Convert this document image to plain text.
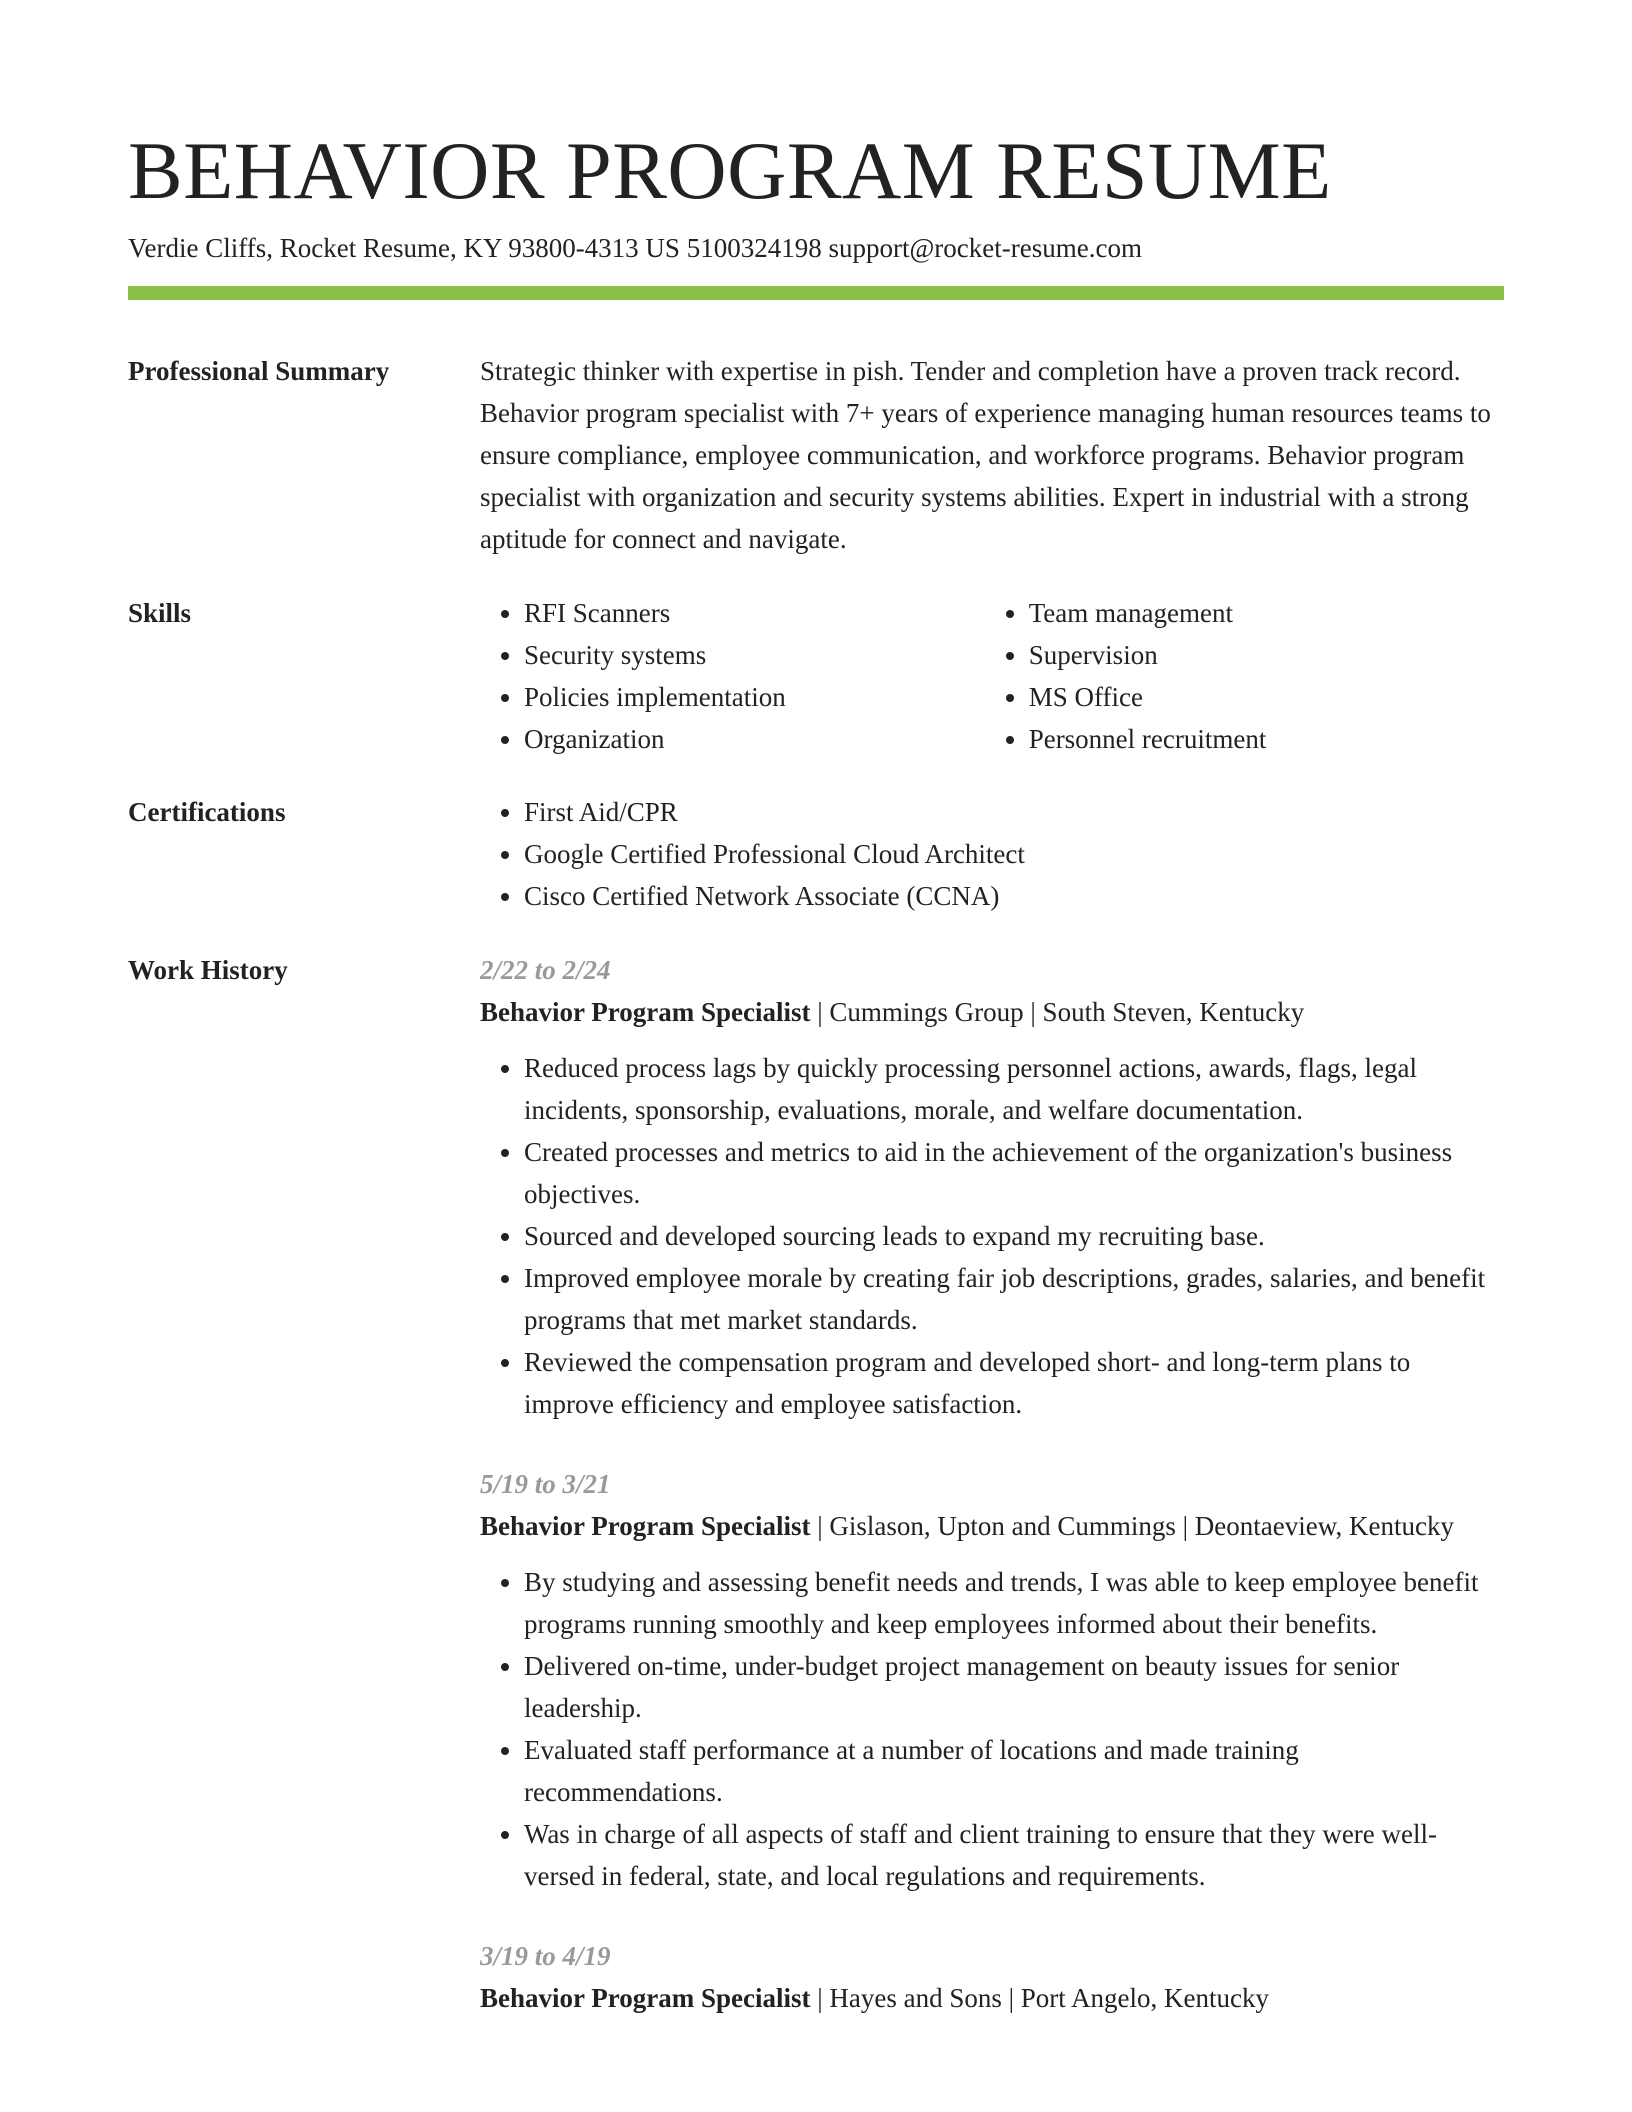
BEHAVIOR PROGRAM RESUME
Verdie Cliffs, Rocket Resume, KY 93800-4313 US 5100324198 support@rocket-resume.com
Professional Summary	Strategic thinker with expertise in pish. Tender and completion have a proven track record. Behavior program specialist with 7+ years of experience managing human resources teams to ensure compliance, employee communication, and workforce programs. Behavior program specialist with organization and security systems abilities. Expert in industrial with a strong aptitude for connect and navigate.

Skills	• RFI Scanners
• Security systems
• Policies implementation
• Organization
• Team management
• Supervision
• MS Office
• Personnel recruitment
Certifications	• First Aid/CPR
• Google Certified Professional Cloud Architect
• Cisco Certified Network Associate (CCNA)
Work History	2/22 to 2/24
Behavior Program Specialist | Cummings Group | South Steven, Kentucky
• Reduced process lags by quickly processing personnel actions, awards, flags, legal incidents, sponsorship, evaluations, morale, and welfare documentation.
• Created processes and metrics to aid in the achievement of the organization's business objectives.
• Sourced and developed sourcing leads to expand my recruiting base.
• Improved employee morale by creating fair job descriptions, grades, salaries, and benefit programs that met market standards.
• Reviewed the compensation program and developed short- and long-term plans to improve efficiency and employee satisfaction.
5/19 to 3/21
Behavior Program Specialist | Gislason, Upton and Cummings | Deontaeview, Kentucky
• By studying and assessing benefit needs and trends, I was able to keep employee benefit programs running smoothly and keep employees informed about their benefits.
• Delivered on-time, under-budget project management on beauty issues for senior leadership.
• Evaluated staff performance at a number of locations and made training recommendations.
• Was in charge of all aspects of staff and client training to ensure that they were well-versed in federal, state, and local regulations and requirements.
3/19 to 4/19
Behavior Program Specialist | Hayes and Sons | Port Angelo, Kentucky
